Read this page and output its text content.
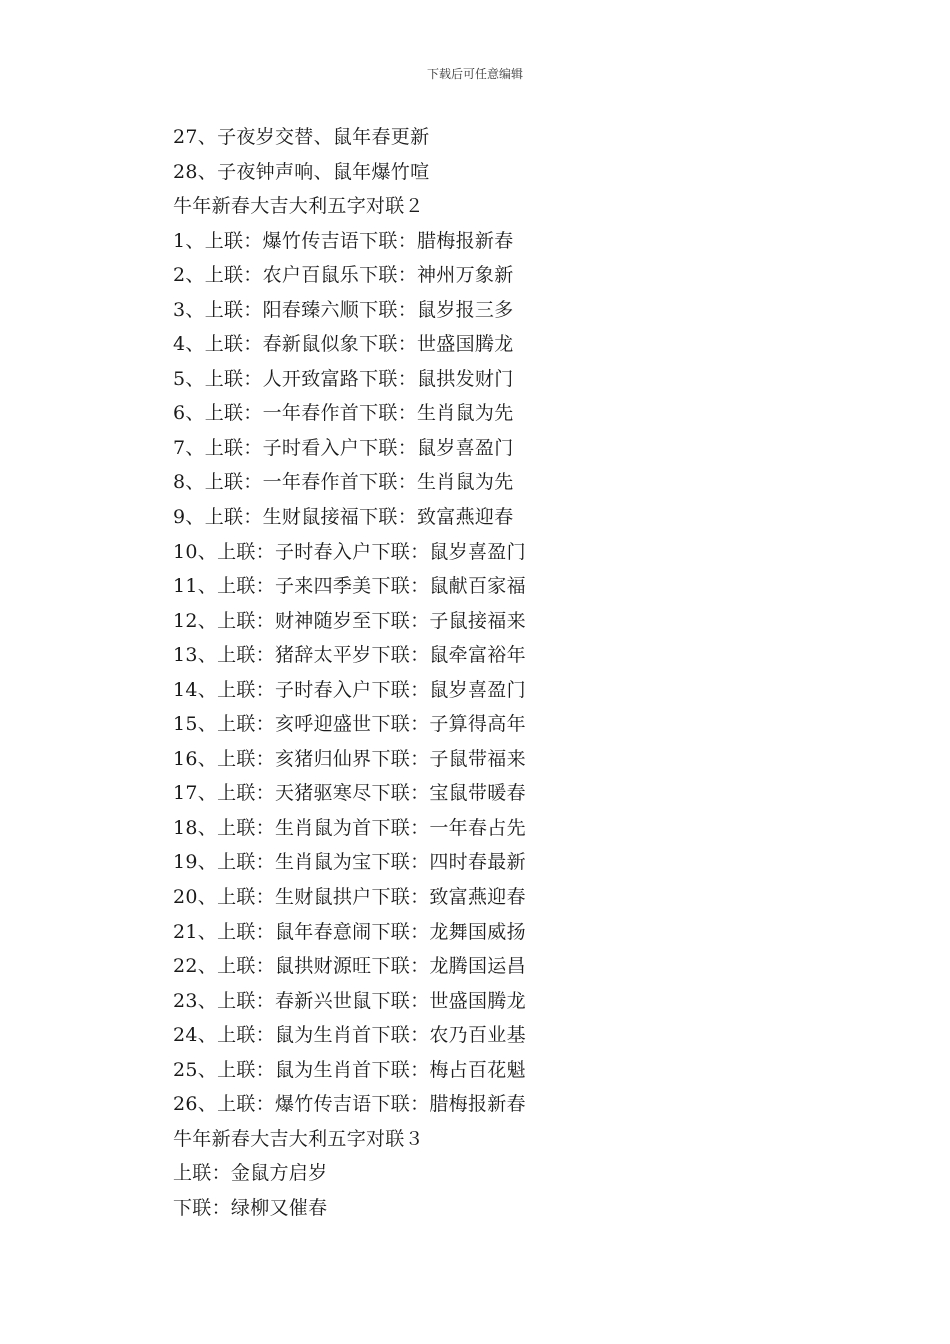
下载后可任意编辑
27、子夜岁交替、鼠年春更新
28、子夜钟声响、鼠年爆竹喧
牛年新春大吉大利五字对联２
1、上联：爆竹传吉语下联：腊梅报新春
2、上联：农户百鼠乐下联：神州万象新
3、上联：阳春臻六顺下联：鼠岁报三多
4、上联：春新鼠似象下联：世盛国腾龙
5、上联：人开致富路下联：鼠拱发财门
6、上联：一年春作首下联：生肖鼠为先
7、上联：子时看入户下联：鼠岁喜盈门
8、上联：一年春作首下联：生肖鼠为先
9、上联：生财鼠接福下联：致富燕迎春
10、上联：子时春入户下联：鼠岁喜盈门
11、上联：子来四季美下联：鼠献百家福
12、上联：财神随岁至下联：子鼠接福来
13、上联：猪辞太平岁下联：鼠牵富裕年
14、上联：子时春入户下联：鼠岁喜盈门
15、上联：亥呼迎盛世下联：子算得高年
16、上联：亥猪归仙界下联：子鼠带福来
17、上联：天猪驱寒尽下联：宝鼠带暖春
18、上联：生肖鼠为首下联：一年春占先
19、上联：生肖鼠为宝下联：四时春最新
20、上联：生财鼠拱户下联：致富燕迎春
21、上联：鼠年春意闹下联：龙舞国威扬
22、上联：鼠拱财源旺下联：龙腾国运昌
23、上联：春新兴世鼠下联：世盛国腾龙
24、上联：鼠为生肖首下联：农乃百业基
25、上联：鼠为生肖首下联：梅占百花魁
26、上联：爆竹传吉语下联：腊梅报新春
牛年新春大吉大利五字对联３
上联：金鼠方启岁
下联：绿柳又催春
